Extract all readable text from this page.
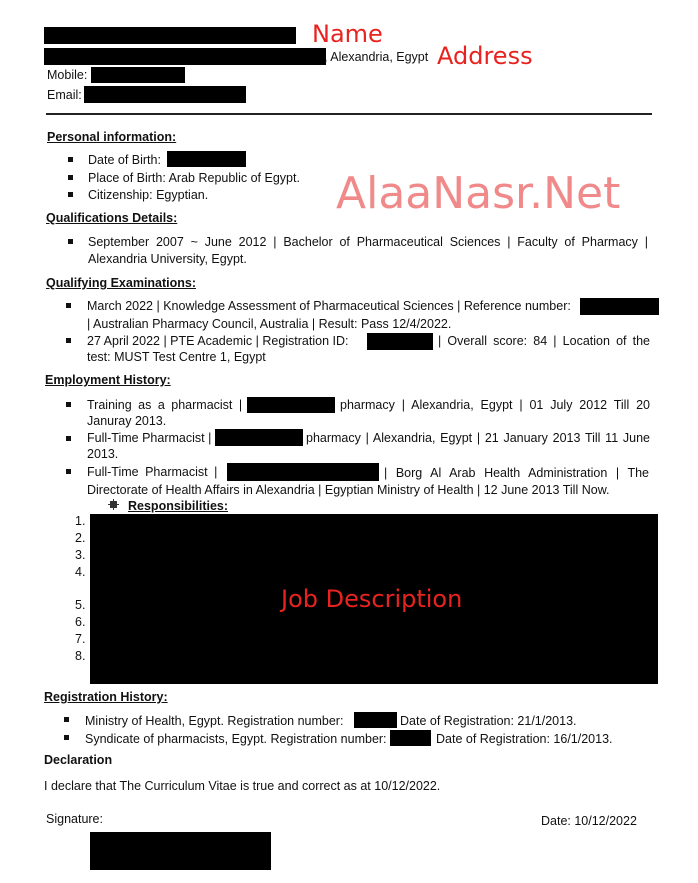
Name
, Alexandria, Egypt Address
Mobile:
Email:
AlaaNasr.Net
Personal information:
Date of Birth:
Place of Birth: Arab Republic of Egypt.
Citizenship: Egyptian.
Qualifications Details:
September 2007 ~ June 2012 | Bachelor of Pharmaceutical Sciences | Faculty of Pharmacy |
Alexandria University, Egypt.
Qualifying Examinations:
March 2022 | Knowledge Assessment of Pharmaceutical Sciences | Reference number:
| Australian Pharmacy Council, Australia | Result: Pass 12/4/2022.
27 April 2022 | PTE Academic | Registration ID:	| Overall score: 84 | Location of the
test: MUST Test Centre 1, Egypt
Employment History:
Training as a pharmacist |	pharmacy | Alexandria, Egypt | 01 July 2012 Till 20
Januray 2013.
Full-Time Pharmacist |	pharmacy | Alexandria, Egypt | 21 January 2013 Till 11 June
2013.
Full-Time Pharmacist |	| Borg Al Arab Health Administration | The
Directorate of Health Affairs in Alexandria | Egyptian Ministry of Health | 12 June 2013 Till Now.
Responsibilities:
1.
2.
3.
4.
5.
6.
7.
8.
Job Description
Registration History:
Ministry of Health, Egypt. Registration number:	Date of Registration: 21/1/2013.
Syndicate of pharmacists, Egypt. Registration number:	Date of Registration: 16/1/2013.
Declaration
I declare that The Curriculum Vitae is true and correct as at 10/12/2022.
Signature:	Date: 10/12/2022
